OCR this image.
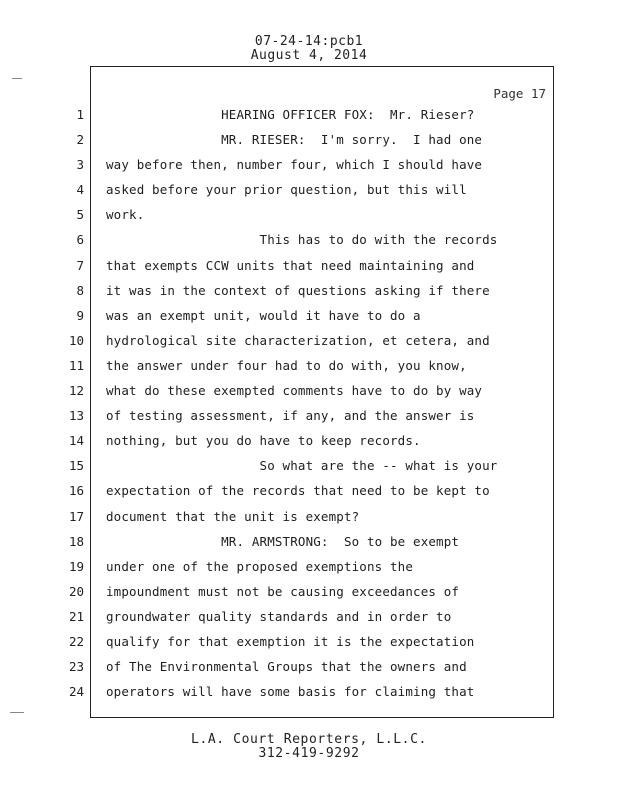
07-24-14:pcb1
August 4, 2014
Page 17
1
2
3
4
5
6
7
8
9
10
11
12
13
14
15
16
17
18
19
20
21
22
23
24
HEARING OFFICER FOX:  Mr. Rieser?
MR. RIESER:  I'm sorry.  I had one
way before then, number four, which I should have
asked before your prior question, but this will
work.
This has to do with the records
that exempts CCW units that need maintaining and
it was in the context of questions asking if there
was an exempt unit, would it have to do a
hydrological site characterization, et cetera, and
the answer under four had to do with, you know,
what do these exempted comments have to do by way
of testing assessment, if any, and the answer is
nothing, but you do have to keep records.
So what are the -- what is your
expectation of the records that need to be kept to
document that the unit is exempt?
MR. ARMSTRONG:  So to be exempt
under one of the proposed exemptions the
impoundment must not be causing exceedances of
groundwater quality standards and in order to
qualify for that exemption it is the expectation
of The Environmental Groups that the owners and
operators will have some basis for claiming that
L.A. Court Reporters, L.L.C.
312-419-9292
